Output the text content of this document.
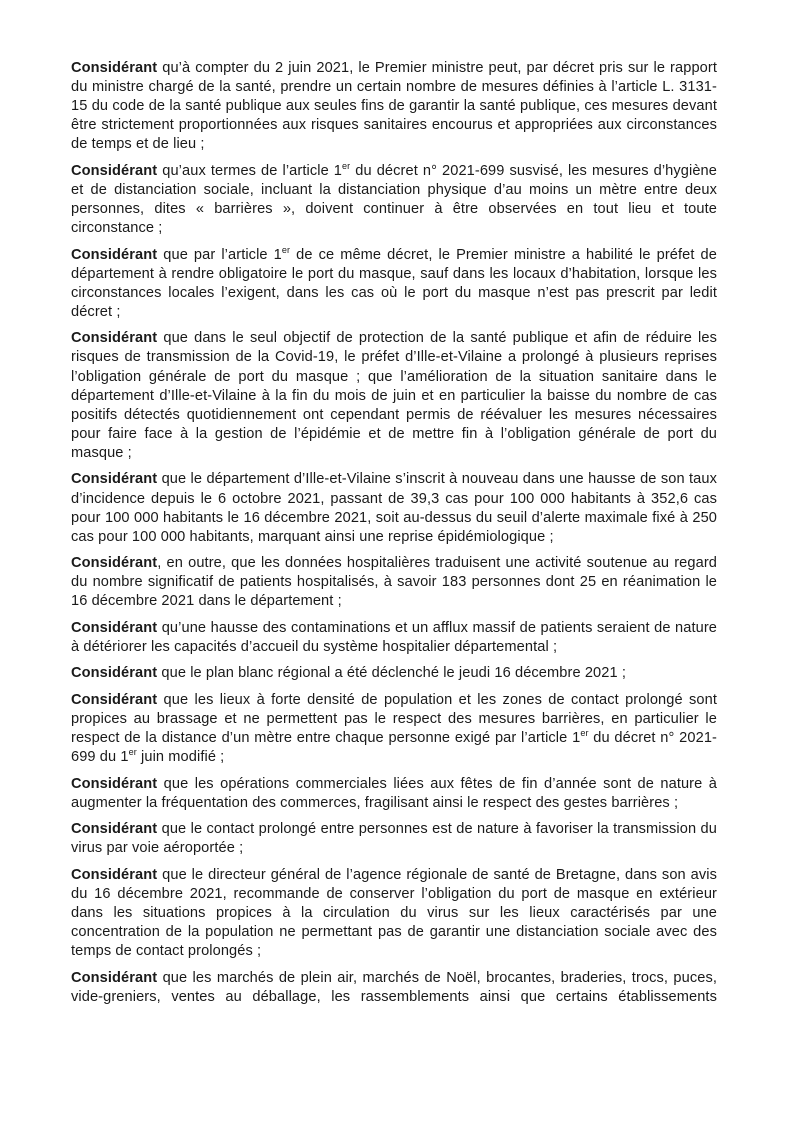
Considérant qu’à compter du 2 juin 2021, le Premier ministre peut, par décret pris sur le rapport du ministre chargé de la santé, prendre un certain nombre de mesures définies à l’article L. 3131-15 du code de la santé publique aux seules fins de garantir la santé publique, ces mesures devant être strictement proportionnées aux risques sanitaires encourus et appropriées aux circonstances de temps et de lieu ;

Considérant qu’aux termes de l’article 1er du décret n° 2021-699 susvisé, les mesures d’hygiène et de distanciation sociale, incluant la distanciation physique d’au moins un mètre entre deux personnes, dites « barrières », doivent continuer à être observées en tout lieu et toute circonstance ;

Considérant que par l’article 1er de ce même décret, le Premier ministre a habilité le préfet de département à rendre obligatoire le port du masque, sauf dans les locaux d’habitation, lorsque les circonstances locales l’exigent, dans les cas où le port du masque n’est pas prescrit par ledit décret ;

Considérant que dans le seul objectif de protection de la santé publique et afin de réduire les risques de transmission de la Covid-19, le préfet d’Ille-et-Vilaine a prolongé à plusieurs reprises l’obligation générale de port du masque ; que l’amélioration de la situation sanitaire dans le département d’Ille-et-Vilaine à la fin du mois de juin et en particulier la baisse du nombre de cas positifs détectés quotidiennement ont cependant permis de réévaluer les mesures nécessaires pour faire face à la gestion de l’épidémie et de mettre fin à l’obligation générale de port du masque ;

Considérant que le département d’Ille-et-Vilaine s’inscrit à nouveau dans une hausse de son taux d’incidence depuis le 6 octobre 2021, passant de 39,3 cas pour 100 000 habitants à 352,6 cas pour 100 000 habitants le 16 décembre 2021, soit au-dessus du seuil d’alerte maximale fixé à 250 cas pour 100 000 habitants, marquant ainsi une reprise épidémiologique ;

Considérant, en outre, que les données hospitalières traduisent une activité soutenue au regard du nombre significatif de patients hospitalisés, à savoir 183 personnes dont 25 en réanimation le 16 décembre 2021 dans le département ;

Considérant qu’une hausse des contaminations et un afflux massif de patients seraient de nature à détériorer les capacités d’accueil du système hospitalier départemental ;

Considérant que le plan blanc régional a été déclenché le jeudi 16 décembre 2021 ;

Considérant que les lieux à forte densité de population et les zones de contact prolongé sont propices au brassage et ne permettent pas le respect des mesures barrières, en particulier le respect de la distance d’un mètre entre chaque personne exigé par l’article 1er du décret n° 2021-699 du 1er juin modifié ;

Considérant que les opérations commerciales liées aux fêtes de fin d’année sont de nature à augmenter la fréquentation des commerces, fragilisant ainsi le respect des gestes barrières ;

Considérant que le contact prolongé entre personnes est de nature à favoriser la transmission du virus par voie aéroportée ;

Considérant que le directeur général de l’agence régionale de santé de Bretagne, dans son avis du 16 décembre 2021, recommande de conserver l’obligation du port de masque en extérieur dans les situations propices à la circulation du virus sur les lieux caractérisés par une concentration de la population ne permettant pas de garantir une distanciation sociale avec des temps de contact prolongés ;

Considérant que les marchés de plein air, marchés de Noël, brocantes, braderies, trocs, puces, vide-greniers, ventes au déballage, les rassemblements ainsi que certains établissements
